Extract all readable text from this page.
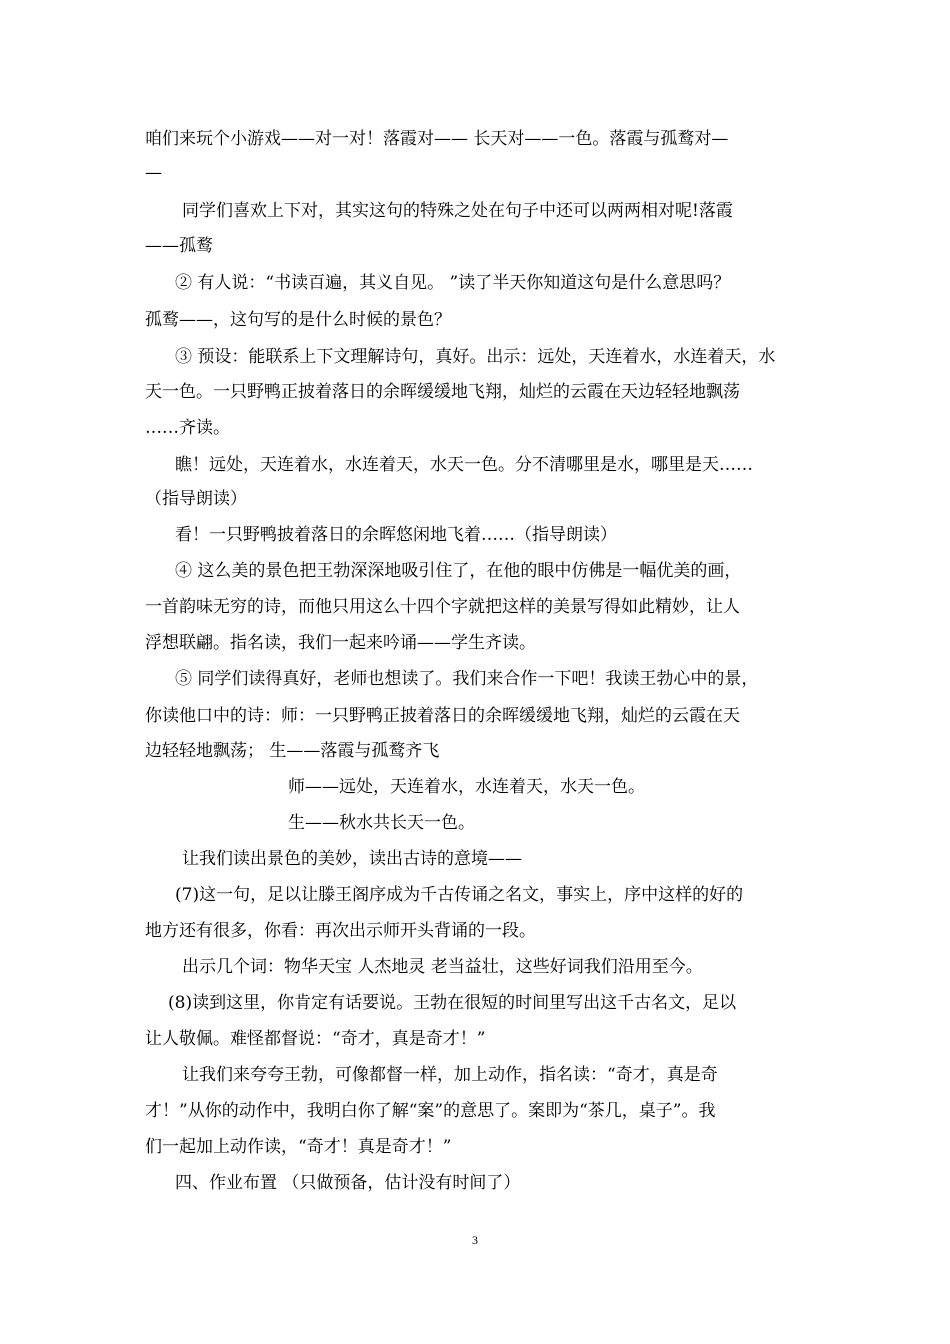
咱们来玩个小游戏——对一对！落霞对—— 长天对——一色。落霞与孤鹜对—

—

同学们喜欢上下对，其实这句的特殊之处在句子中还可以两两相对呢!落霞

——孤鹜

② 有人说：“书读百遍，其义自见。 ”读了半天你知道这句是什么意思吗？

孤鹜——，这句写的是什么时候的景色？

③ 预设：能联系上下文理解诗句，真好。出示：远处，天连着水，水连着天，水

天一色。一只野鸭正披着落日的余晖缓缓地飞翔，灿烂的云霞在天边轻轻地飘荡

……齐读。

瞧！远处，天连着水，水连着天，水天一色。分不清哪里是水，哪里是天……

（指导朗读）

看！一只野鸭披着落日的余晖悠闲地飞着……（指导朗读）

④ 这么美的景色把王勃深深地吸引住了，在他的眼中仿佛是一幅优美的画，

一首韵味无穷的诗，而他只用这么十四个字就把这样的美景写得如此精妙，让人

浮想联翩。指名读，我们一起来吟诵——学生齐读。

⑤ 同学们读得真好，老师也想读了。我们来合作一下吧！我读王勃心中的景，

你读他口中的诗：师：一只野鸭正披着落日的余晖缓缓地飞翔，灿烂的云霞在天

边轻轻地飘荡； 生——落霞与孤鹜齐飞

师——远处，天连着水，水连着天，水天一色。

生——秋水共长天一色。

让我们读出景色的美妙，读出古诗的意境——

(7)这一句，足以让滕王阁序成为千古传诵之名文，事实上，序中这样的好的

地方还有很多，你看：再次出示师开头背诵的一段。

出示几个词：物华天宝 人杰地灵 老当益壮，这些好词我们沿用至今。

(8)读到这里，你肯定有话要说。王勃在很短的时间里写出这千古名文，足以

让人敬佩。难怪都督说：“奇才，真是奇才！”

让我们来夸夸王勃，可像都督一样，加上动作，指名读：“奇才，真是奇

才！”从你的动作中，我明白你了解“案”的意思了。案即为“茶几，桌子”。我

们一起加上动作读，“奇才！真是奇才！”

四、作业布置 （只做预备，估计没有时间了）

3
